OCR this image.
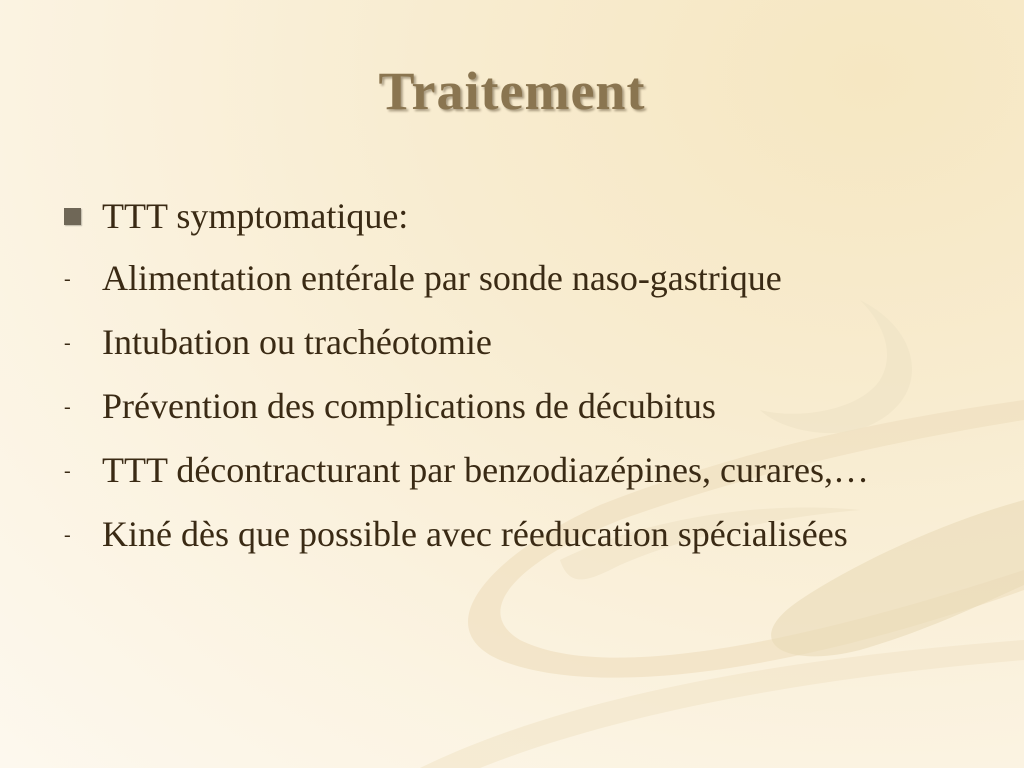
Traitement
TTT symptomatique:
- Alimentation entérale par sonde naso-gastrique
- Intubation ou trachéotomie
- Prévention des complications de décubitus
- TTT décontracturant par benzodiazépines, curares,…
- Kiné dès que possible avec réeducation spécialisées
